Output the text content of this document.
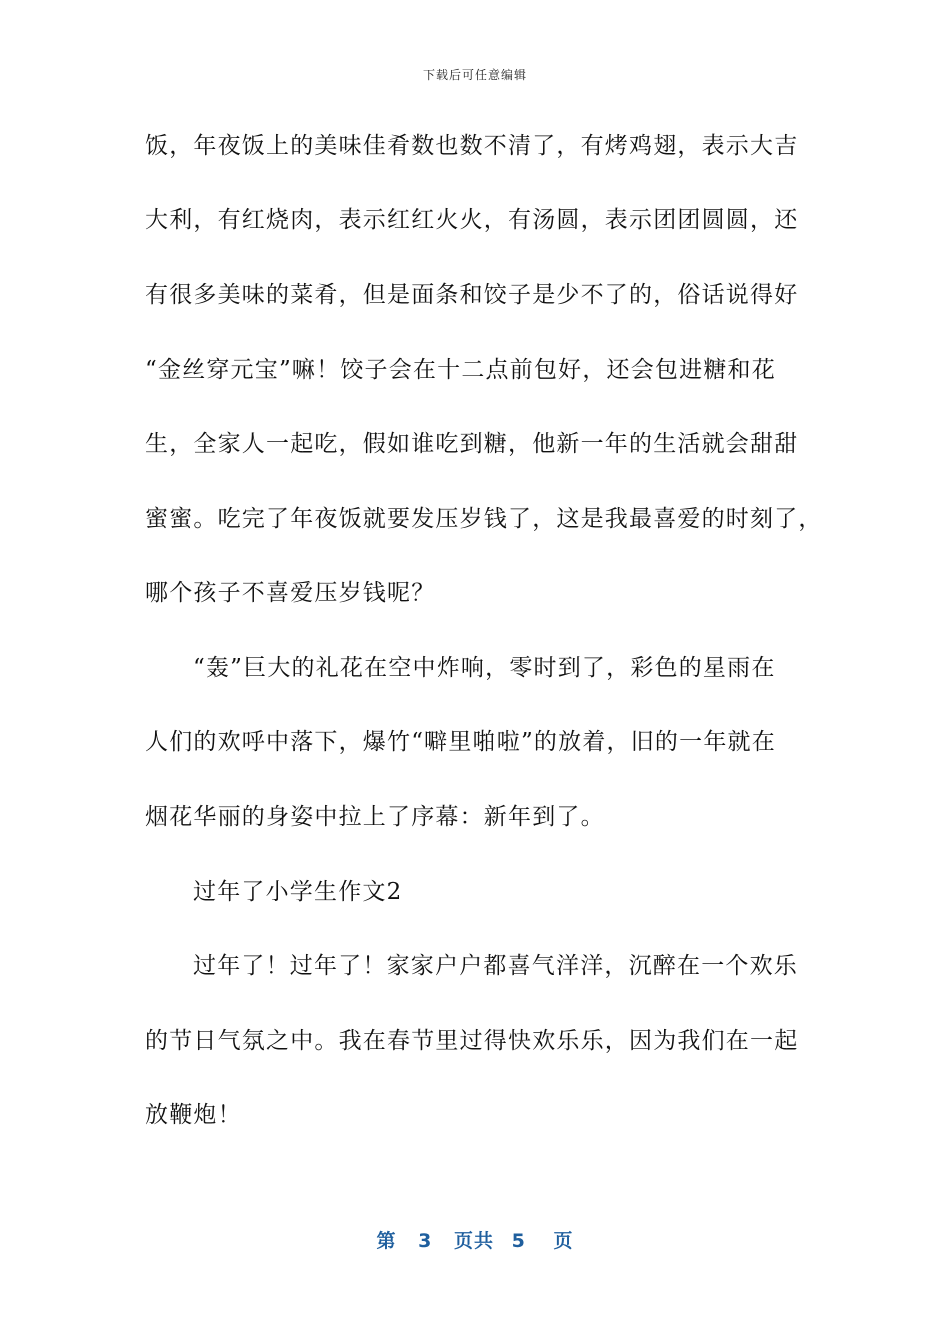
下载后可任意编辑
饭，年夜饭上的美味佳肴数也数不清了，有烤鸡翅，表示大吉
大利，有红烧肉，表示红红火火，有汤圆，表示团团圆圆，还
有很多美味的菜肴，但是面条和饺子是少不了的，俗话说得好
“金丝穿元宝”嘛！饺子会在十二点前包好，还会包进糖和花
生，全家人一起吃，假如谁吃到糖，他新一年的生活就会甜甜
蜜蜜。吃完了年夜饭就要发压岁钱了，这是我最喜爱的时刻了，
哪个孩子不喜爱压岁钱呢？
“轰”巨大的礼花在空中炸响，零时到了，彩色的星雨在
人们的欢呼中落下，爆竹“噼里啪啦”的放着，旧的一年就在
烟花华丽的身姿中拉上了序幕：新年到了。
过年了小学生作文2
过年了！过年了！家家户户都喜气洋洋，沉醉在一个欢乐
的节日气氛之中。我在春节里过得快欢乐乐，因为我们在一起
放鞭炮！
第 3 页共 5 页
